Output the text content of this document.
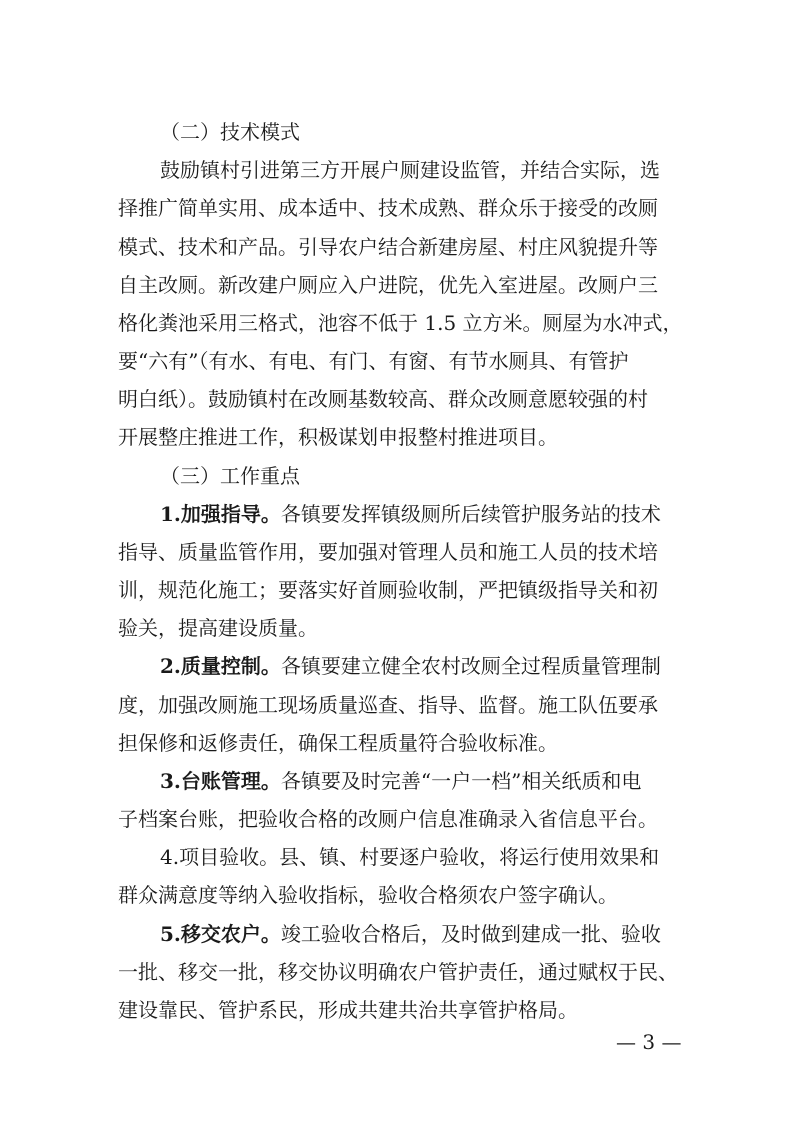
（二）技术模式
鼓励镇村引进第三方开展户厕建设监管，并结合实际，选
择推广简单实用、成本适中、技术成熟、群众乐于接受的改厕
模式、技术和产品。引导农户结合新建房屋、村庄风貌提升等
自主改厕。新改建户厕应入户进院，优先入室进屋。改厕户三
格化粪池采用三格式，池容不低于 1.5 立方米。厕屋为水冲式，
要“六有”（有水、有电、有门、有窗、有节水厕具、有管护
明白纸）。鼓励镇村在改厕基数较高、群众改厕意愿较强的村
开展整庄推进工作，积极谋划申报整村推进项目。
（三）工作重点
1.加强指导。各镇要发挥镇级厕所后续管护服务站的技术
指导、质量监管作用，要加强对管理人员和施工人员的技术培
训，规范化施工；要落实好首厕验收制，严把镇级指导关和初
验关，提高建设质量。
2.质量控制。各镇要建立健全农村改厕全过程质量管理制
度，加强改厕施工现场质量巡查、指导、监督。施工队伍要承
担保修和返修责任，确保工程质量符合验收标准。
3.台账管理。各镇要及时完善“一户一档”相关纸质和电
子档案台账，把验收合格的改厕户信息准确录入省信息平台。
4.项目验收。县、镇、村要逐户验收，将运行使用效果和
群众满意度等纳入验收指标，验收合格须农户签字确认。
5.移交农户。竣工验收合格后，及时做到建成一批、验收
一批、移交一批，移交协议明确农户管护责任，通过赋权于民、
建设靠民、管护系民，形成共建共治共享管护格局。
— 3 —
